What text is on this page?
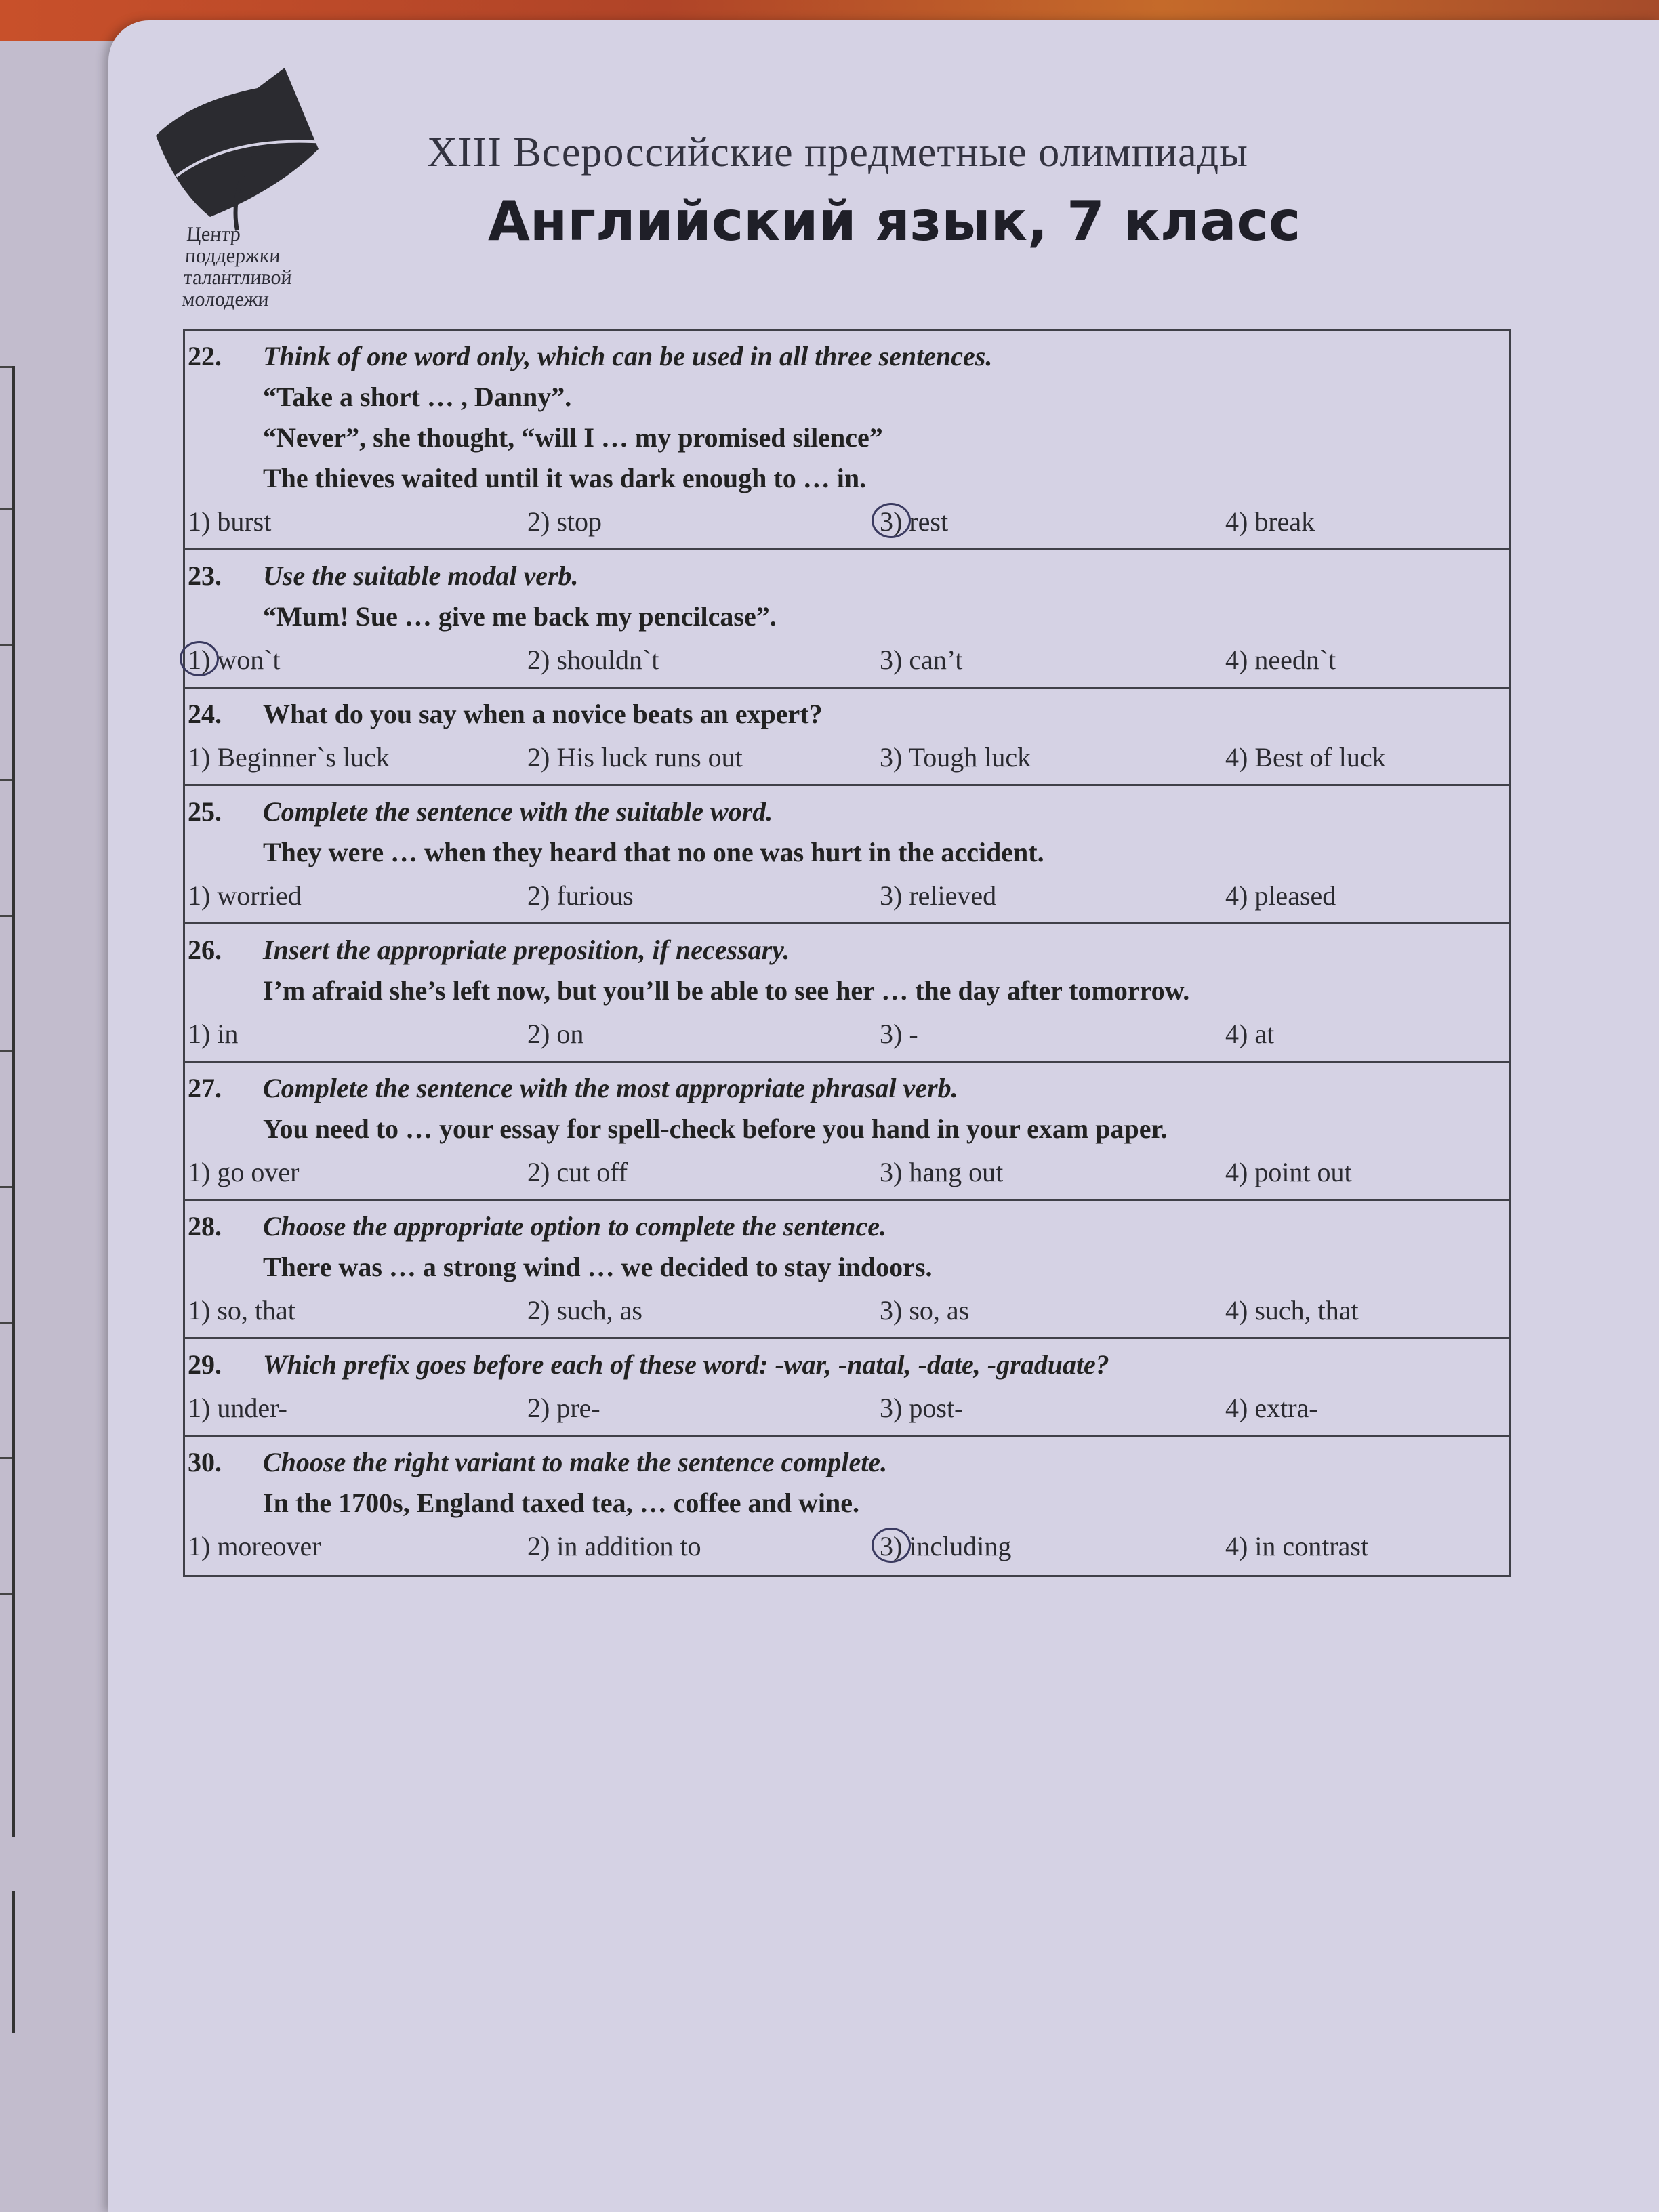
Центр
поддержки
талантливой
молодежи
XIII Всероссийские предметные олимпиады
Английский язык, 7 класс
22. Think of one word only, which can be used in all three sentences.
“Take a short … , Danny”.
“Never”, she thought, “will I … my promised silence”
The thieves waited until it was dark enough to … in.
1) burst	2) stop	3) rest	4) break
23. Use the suitable modal verb.
“Mum! Sue … give me back my pencilcase”.
1) won`t	2) shouldn`t	3) can’t	4) needn`t
24. What do you say when a novice beats an expert?
1) Beginner`s luck	2) His luck runs out	3) Tough luck	4) Best of luck
25. Complete the sentence with the suitable word.
They were … when they heard that no one was hurt in the accident.
1) worried	2) furious	3) relieved	4) pleased
26. Insert the appropriate preposition, if necessary.
I’m afraid she’s left now, but you’ll be able to see her … the day after tomorrow.
1) in	2) on	3) -	4) at
27. Complete the sentence with the most appropriate phrasal verb.
You need to … your essay for spell-check before you hand in your exam paper.
1) go over	2) cut off	3) hang out	4) point out
28. Choose the appropriate option to complete the sentence.
There was … a strong wind … we decided to stay indoors.
1) so, that	2) such, as	3) so, as	4) such, that
29. Which prefix goes before each of these word: -war, -natal, -date, -graduate?
1) under-	2) pre-	3) post-	4) extra-
30. Choose the right variant to make the sentence complete.
In the 1700s, England taxed tea, … coffee and wine.
1) moreover	2) in addition to	3) including	4) in contrast
